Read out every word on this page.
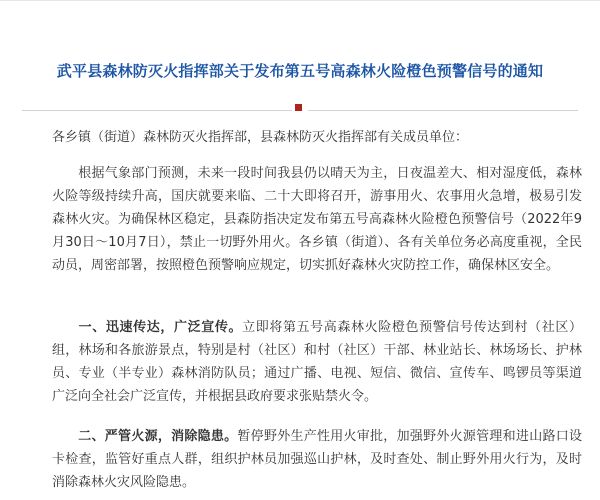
武平县森林防灭火指挥部关于发布第五号高森林火险橙色预警信号的通知

各乡镇（街道）森林防灭火指挥部，县森林防灭火指挥部有关成员单位：

根据气象部门预测，未来一段时间我县仍以晴天为主，日夜温差大、相对湿度低，森林火险等级持续升高，国庆就要来临、二十大即将召开，游事用火、农事用火急增，极易引发森林火灾。为确保林区稳定，县森防指决定发布第五号高森林火险橙色预警信号（2022年9月30日～10月7日），禁止一切野外用火。各乡镇（街道）、各有关单位务必高度重视，全民动员，周密部署，按照橙色预警响应规定，切实抓好森林火灾防控工作，确保林区安全。

一、迅速传达，广泛宣传。立即将第五号高森林火险橙色预警信号传达到村（社区）组，林场和各旅游景点，特别是村（社区）和村（社区）干部、林业站长、林场场长、护林员、专业（半专业）森林消防队员；通过广播、电视、短信、微信、宣传车、鸣锣员等渠道广泛向全社会广泛宣传，并根据县政府要求张贴禁火令。

二、严管火源，消除隐患。暂停野外生产性用火审批，加强野外火源管理和进山路口设卡检查，监管好重点人群，组织护林员加强巡山护林，及时查处、制止野外用火行为，及时消除森林火灾风险隐患。
